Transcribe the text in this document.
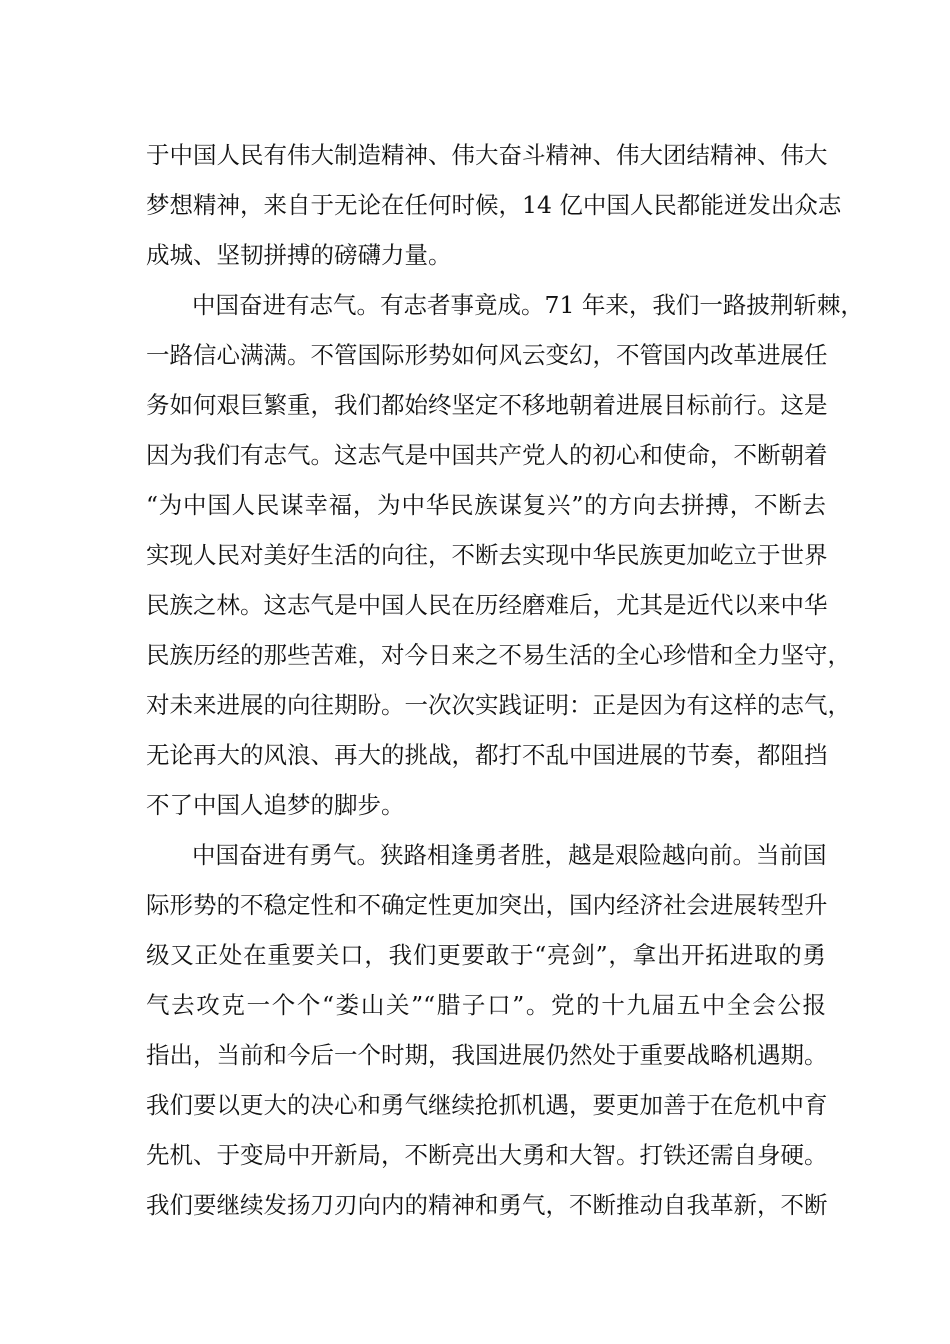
于中国人民有伟大制造精神、伟大奋斗精神、伟大团结精神、伟大
梦想精神，来自于无论在任何时候，14 亿中国人民都能迸发出众志
成城、坚韧拼搏的磅礴力量。
中国奋进有志气。有志者事竟成。71 年来，我们一路披荆斩棘，
一路信心满满。不管国际形势如何风云变幻，不管国内改革进展任
务如何艰巨繁重，我们都始终坚定不移地朝着进展目标前行。这是
因为我们有志气。这志气是中国共产党人的初心和使命，不断朝着
“为中国人民谋幸福，为中华民族谋复兴”的方向去拼搏，不断去
实现人民对美好生活的向往，不断去实现中华民族更加屹立于世界
民族之林。这志气是中国人民在历经磨难后，尤其是近代以来中华
民族历经的那些苦难，对今日来之不易生活的全心珍惜和全力坚守，
对未来进展的向往期盼。一次次实践证明：正是因为有这样的志气，
无论再大的风浪、再大的挑战，都打不乱中国进展的节奏，都阻挡
不了中国人追梦的脚步。
中国奋进有勇气。狭路相逢勇者胜，越是艰险越向前。当前国
际形势的不稳定性和不确定性更加突出，国内经济社会进展转型升
级又正处在重要关口，我们更要敢于“亮剑”，拿出开拓进取的勇
气去攻克一个个“娄山关”“腊子口”。党的十九届五中全会公报
指出，当前和今后一个时期，我国进展仍然处于重要战略机遇期。
我们要以更大的决心和勇气继续抢抓机遇，要更加善于在危机中育
先机、于变局中开新局，不断亮出大勇和大智。打铁还需自身硬。
我们要继续发扬刀刃向内的精神和勇气，不断推动自我革新，不断
